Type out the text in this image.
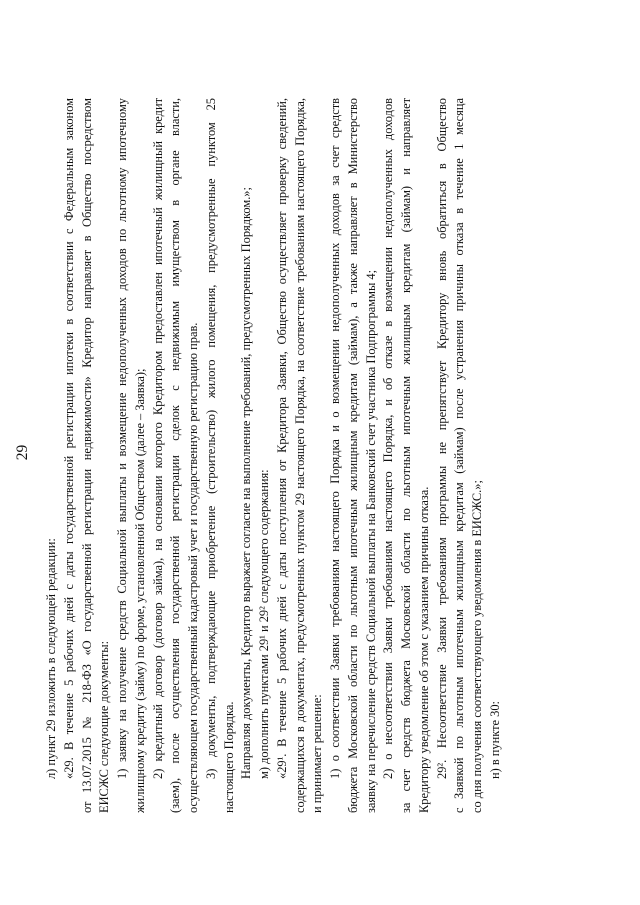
29
л) пункт 29 изложить в следующей редакции: «29. В течение 5 рабочих дней с даты государственной регистрации ипотеки в соответствии с Федеральным законом от 13.07.2015 № 218-ФЗ «О государственной регистрации недвижимости» Кредитор направляет в Общество посредством ЕИСЖС следующие документы: 1) заявку на получение средств Социальной выплаты и возмещение недополученных доходов по льготному ипотечному жилищному кредиту (займу) по форме, установленной Обществом (далее – Заявка); 2) кредитный договор (договор займа), на основании которого Кредитором предоставлен ипотечный жилищный кредит (заем), после осуществления государственной регистрации сделок с недвижимым имуществом в органе власти, осуществляющем государственный кадастровый учет и государственную регистрацию прав. 3) документы, подтверждающие приобретение (строительство) жилого помещения, предусмотренные пунктом 25 настоящего Порядка. Направляя документы, Кредитор выражает согласие на выполнение требований, предусмотренных Порядком.»; м) дополнить пунктами 29¹ и 29² следующего содержания: «29¹. В течение 5 рабочих дней с даты поступления от Кредитора Заявки, Общество осуществляет проверку сведений, содержащихся в документах, предусмотренных пунктом 29 настоящего Порядка, на соответствие требованиям настоящего Порядка, и принимает решение: 1) о соответствии Заявки требованиям настоящего Порядка и о возмещении недополученных доходов за счет средств бюджета Московской области по льготным ипотечным жилищным кредитам (займам), а также направляет в Министерство заявку на перечисление средств Социальной выплаты на Банковский счет участника Подпрограммы 4; 2) о несоответствии Заявки требованиям настоящего Порядка, и об отказе в возмещении недополученных доходов за счет средств бюджета Московской области по льготным ипотечным жилищным кредитам (займам) и направляет Кредитору уведомление об этом с указанием причины отказа. 29². Несоответствие Заявки требованиям программы не препятствует Кредитору вновь обратиться в Общество с Заявкой по льготным ипотечным жилищным кредитам (займам) после устранения причины отказа в течение 1 месяца со дня получения соответствующего уведомления в ЕИСЖС.»; н) в пункте 30:
